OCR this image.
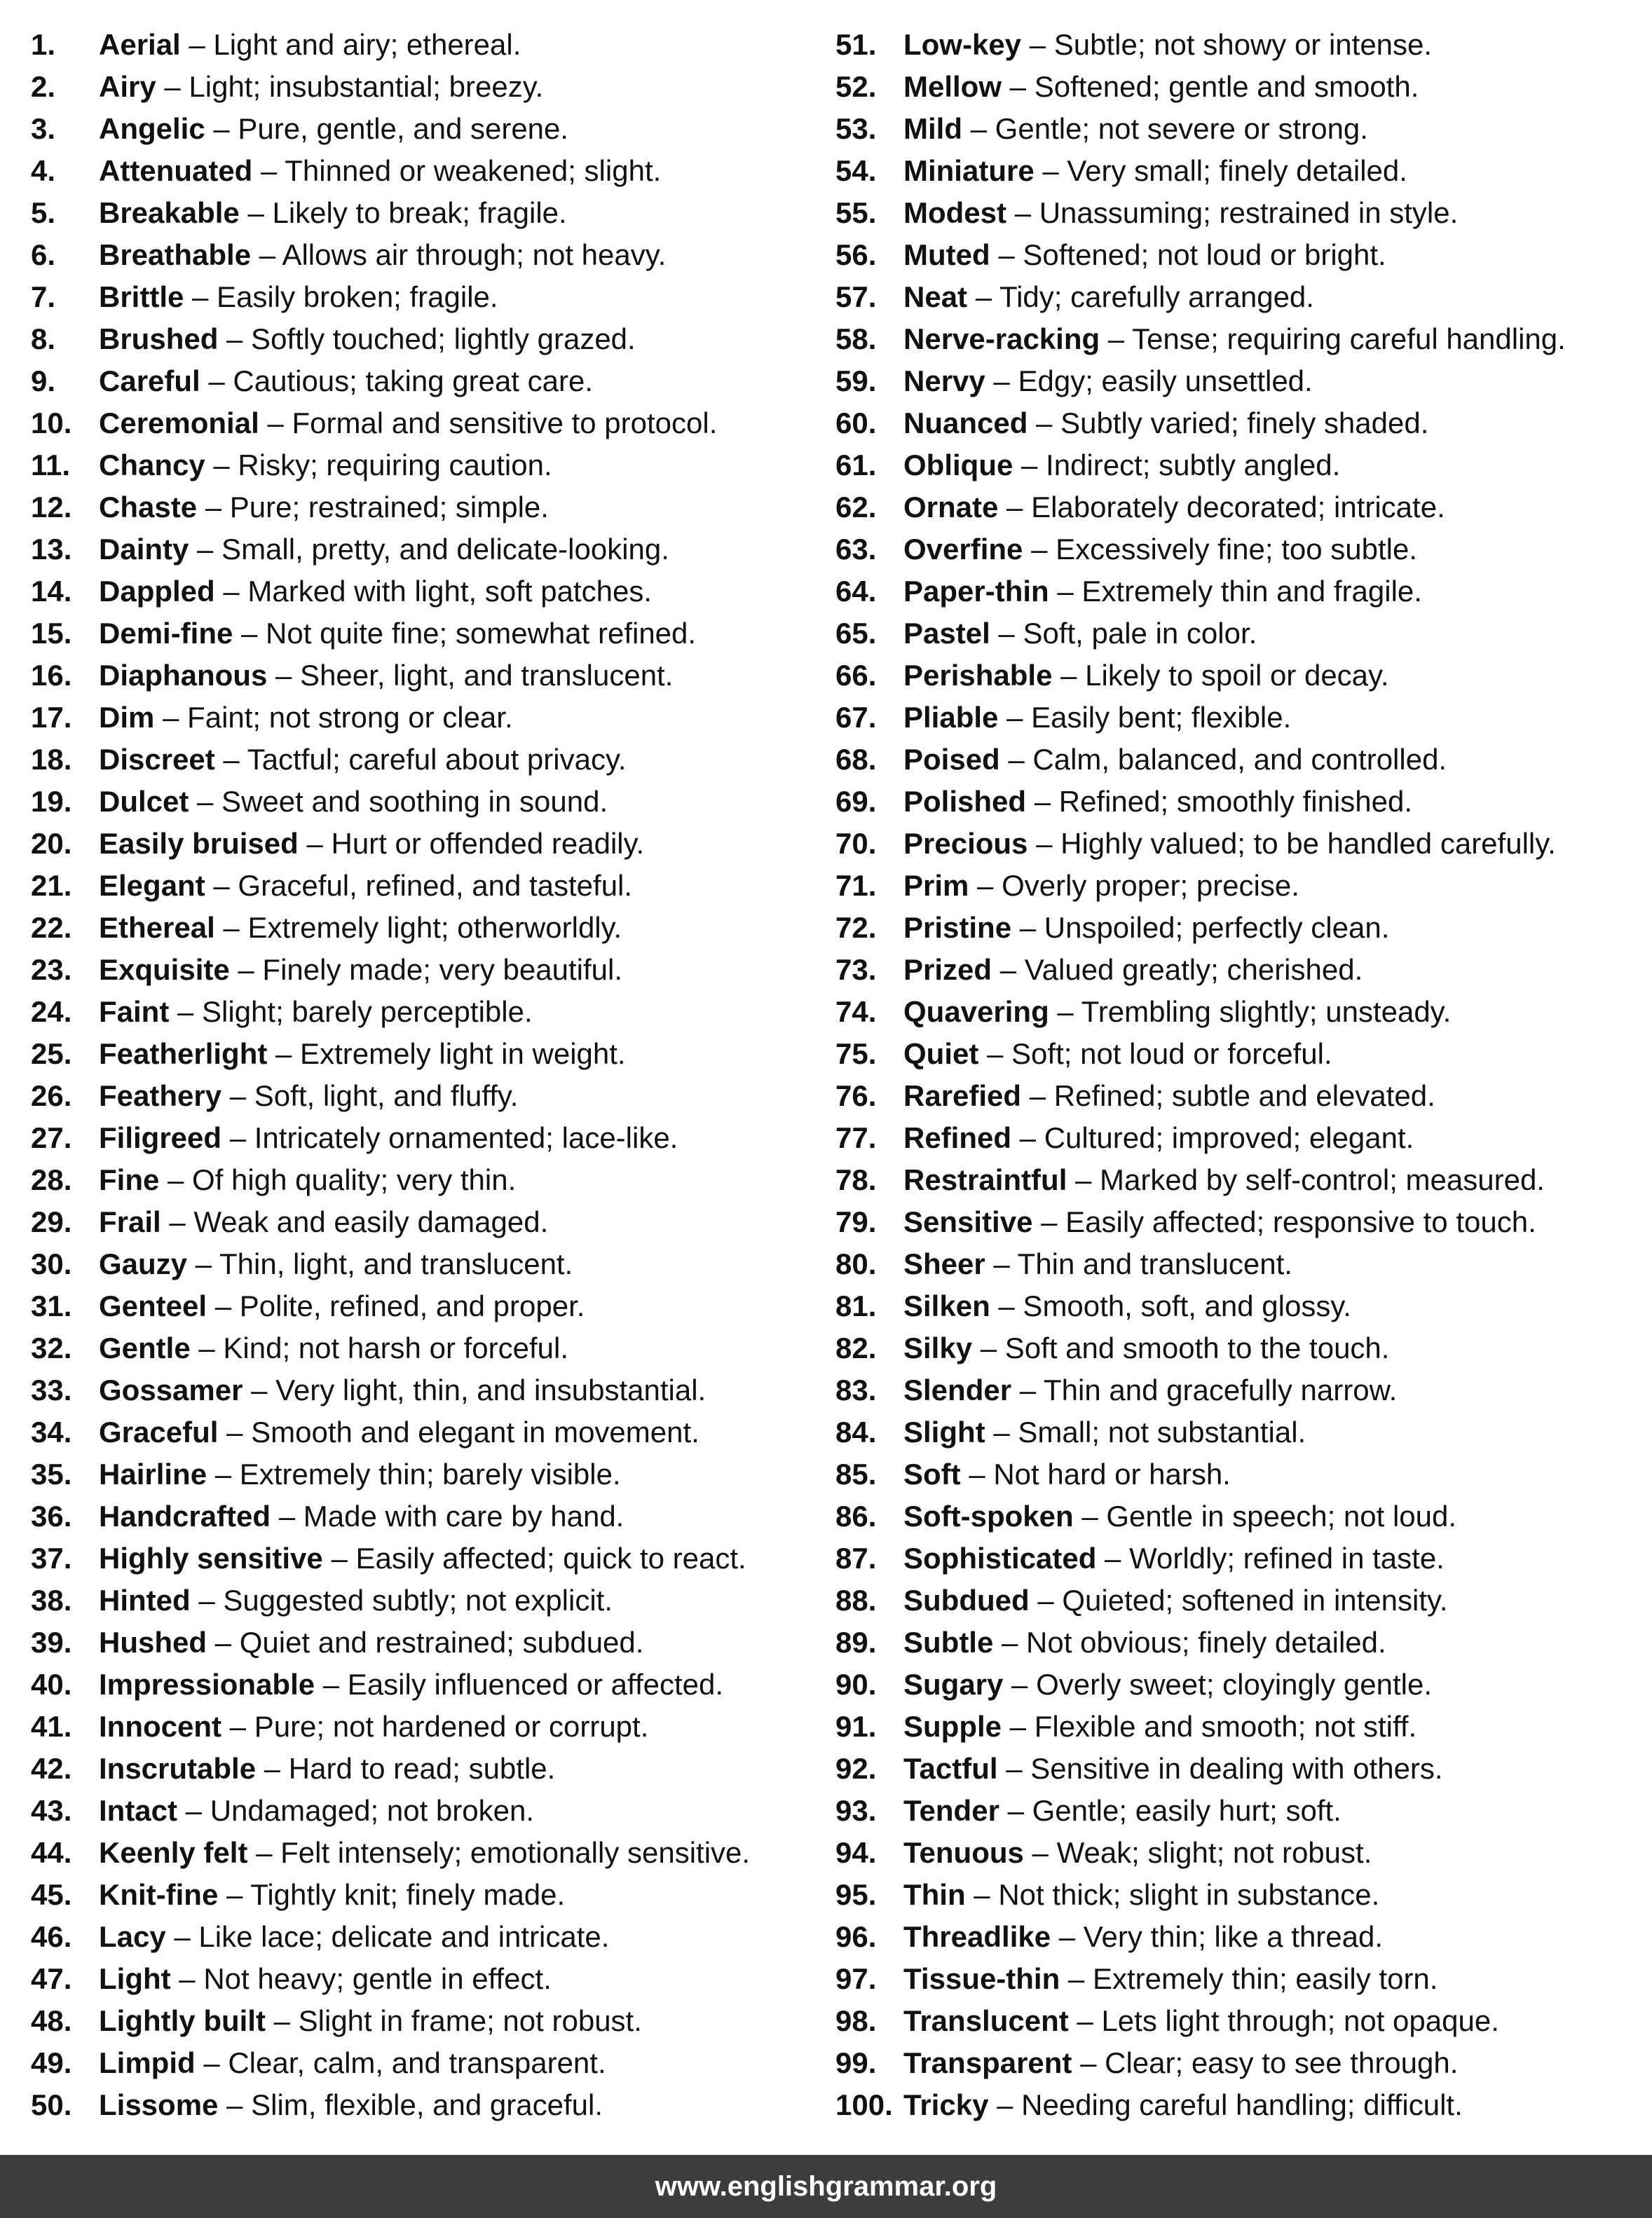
1.	Aerial – Light and airy; ethereal.
2.	Airy – Light; insubstantial; breezy.
3.	Angelic – Pure, gentle, and serene.
4.	Attenuated – Thinned or weakened; slight.
5.	Breakable – Likely to break; fragile.
6.	Breathable – Allows air through; not heavy.
7.	Brittle – Easily broken; fragile.
8.	Brushed – Softly touched; lightly grazed.
9.	Careful – Cautious; taking great care.
10. Ceremonial – Formal and sensitive to protocol.
11. Chancy – Risky; requiring caution.
12. Chaste – Pure; restrained; simple.
13. Dainty – Small, pretty, and delicate-looking.
14. Dappled – Marked with light, soft patches.
15. Demi-fine – Not quite fine; somewhat refined.
16. Diaphanous – Sheer, light, and translucent.
17. Dim – Faint; not strong or clear.
18. Discreet – Tactful; careful about privacy.
19. Dulcet – Sweet and soothing in sound.
20. Easily bruised – Hurt or offended readily.
21. Elegant – Graceful, refined, and tasteful.
22. Ethereal – Extremely light; otherworldly.
23. Exquisite – Finely made; very beautiful.
24. Faint – Slight; barely perceptible.
25. Featherlight – Extremely light in weight.
26. Feathery – Soft, light, and fluffy.
27. Filigreed – Intricately ornamented; lace-like.
28. Fine – Of high quality; very thin.
29. Frail – Weak and easily damaged.
30. Gauzy – Thin, light, and translucent.
31. Genteel – Polite, refined, and proper.
32. Gentle – Kind; not harsh or forceful.
33. Gossamer – Very light, thin, and insubstantial.
34. Graceful – Smooth and elegant in movement.
35. Hairline – Extremely thin; barely visible.
36. Handcrafted – Made with care by hand.
37. Highly sensitive – Easily affected; quick to react.
38. Hinted – Suggested subtly; not explicit.
39. Hushed – Quiet and restrained; subdued.
40. Impressionable – Easily influenced or affected.
41. Innocent – Pure; not hardened or corrupt.
42. Inscrutable – Hard to read; subtle.
43. Intact – Undamaged; not broken.
44. Keenly felt – Felt intensely; emotionally sensitive.
45. Knit-fine – Tightly knit; finely made.
46. Lacy – Like lace; delicate and intricate.
47. Light – Not heavy; gentle in effect.
48. Lightly built – Slight in frame; not robust.
49. Limpid – Clear, calm, and transparent.
50. Lissome – Slim, flexible, and graceful.
51. Low-key – Subtle; not showy or intense.
52. Mellow – Softened; gentle and smooth.
53. Mild – Gentle; not severe or strong.
54. Miniature – Very small; finely detailed.
55. Modest – Unassuming; restrained in style.
56. Muted – Softened; not loud or bright.
57. Neat – Tidy; carefully arranged.
58. Nerve-racking – Tense; requiring careful handling.
59. Nervy – Edgy; easily unsettled.
60. Nuanced – Subtly varied; finely shaded.
61. Oblique – Indirect; subtly angled.
62. Ornate – Elaborately decorated; intricate.
63. Overfine – Excessively fine; too subtle.
64. Paper-thin – Extremely thin and fragile.
65. Pastel – Soft, pale in color.
66. Perishable – Likely to spoil or decay.
67. Pliable – Easily bent; flexible.
68. Poised – Calm, balanced, and controlled.
69. Polished – Refined; smoothly finished.
70. Precious – Highly valued; to be handled carefully.
71. Prim – Overly proper; precise.
72. Pristine – Unspoiled; perfectly clean.
73. Prized – Valued greatly; cherished.
74. Quavering – Trembling slightly; unsteady.
75. Quiet – Soft; not loud or forceful.
76. Rarefied – Refined; subtle and elevated.
77. Refined – Cultured; improved; elegant.
78. Restraintful – Marked by self-control; measured.
79. Sensitive – Easily affected; responsive to touch.
80. Sheer – Thin and translucent.
81. Silken – Smooth, soft, and glossy.
82. Silky – Soft and smooth to the touch.
83. Slender – Thin and gracefully narrow.
84. Slight – Small; not substantial.
85. Soft – Not hard or harsh.
86. Soft-spoken – Gentle in speech; not loud.
87. Sophisticated – Worldly; refined in taste.
88. Subdued – Quieted; softened in intensity.
89. Subtle – Not obvious; finely detailed.
90. Sugary – Overly sweet; cloyingly gentle.
91. Supple – Flexible and smooth; not stiff.
92. Tactful – Sensitive in dealing with others.
93. Tender – Gentle; easily hurt; soft.
94. Tenuous – Weak; slight; not robust.
95. Thin – Not thick; slight in substance.
96. Threadlike – Very thin; like a thread.
97. Tissue-thin – Extremely thin; easily torn.
98. Translucent – Lets light through; not opaque.
99. Transparent – Clear; easy to see through.
100. Tricky – Needing careful handling; difficult.
www.englishgrammar.org
